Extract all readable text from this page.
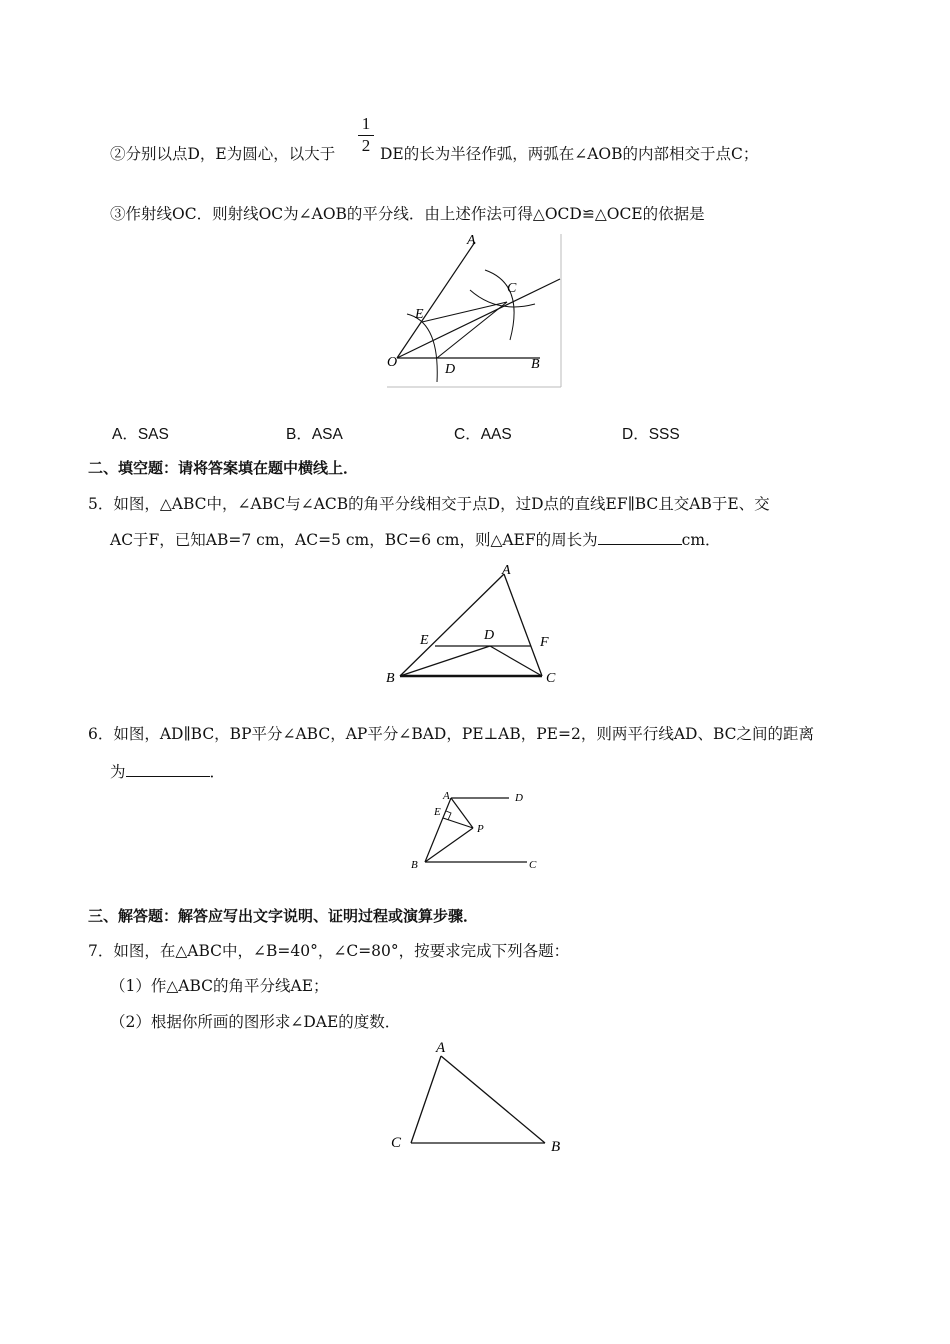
$\frac{1}{2}$
②分别以点D，E为圆心，以大于	DE的长为半径作弧，两弧在∠AOB的内部相交于点C；
③作射线OC．则射线OC为∠AOB的平分线．由上述作法可得△OCD≌△OCE的依据是
A
C
E
O	D	B
A．SAS	B．ASA	C．AAS	D．SSS
二、填空题：请将答案填在题中横线上．
5．如图，△ABC中，∠ABC与∠ACB的角平分线相交于点D，过D点的直线EF∥BC且交AB于E、交
AC于F，已知AB=7 cm，AC=5 cm，BC=6 cm，则△AEF的周长为	cm．
A
E	D	F
B	C
6．如图，AD∥BC，BP平分∠ABC，AP平分∠BAD，PE⊥AB，PE=2，则两平行线AD、BC之间的距离
为	．
A	D
E
P
B	C
三、解答题：解答应写出文字说明、证明过程或演算步骤．
7．如图，在△ABC中，∠B=40°，∠C=80°，按要求完成下列各题：
（1）作△ABC的角平分线AE；
（2）根据你所画的图形求∠DAE的度数．
A
C	B
